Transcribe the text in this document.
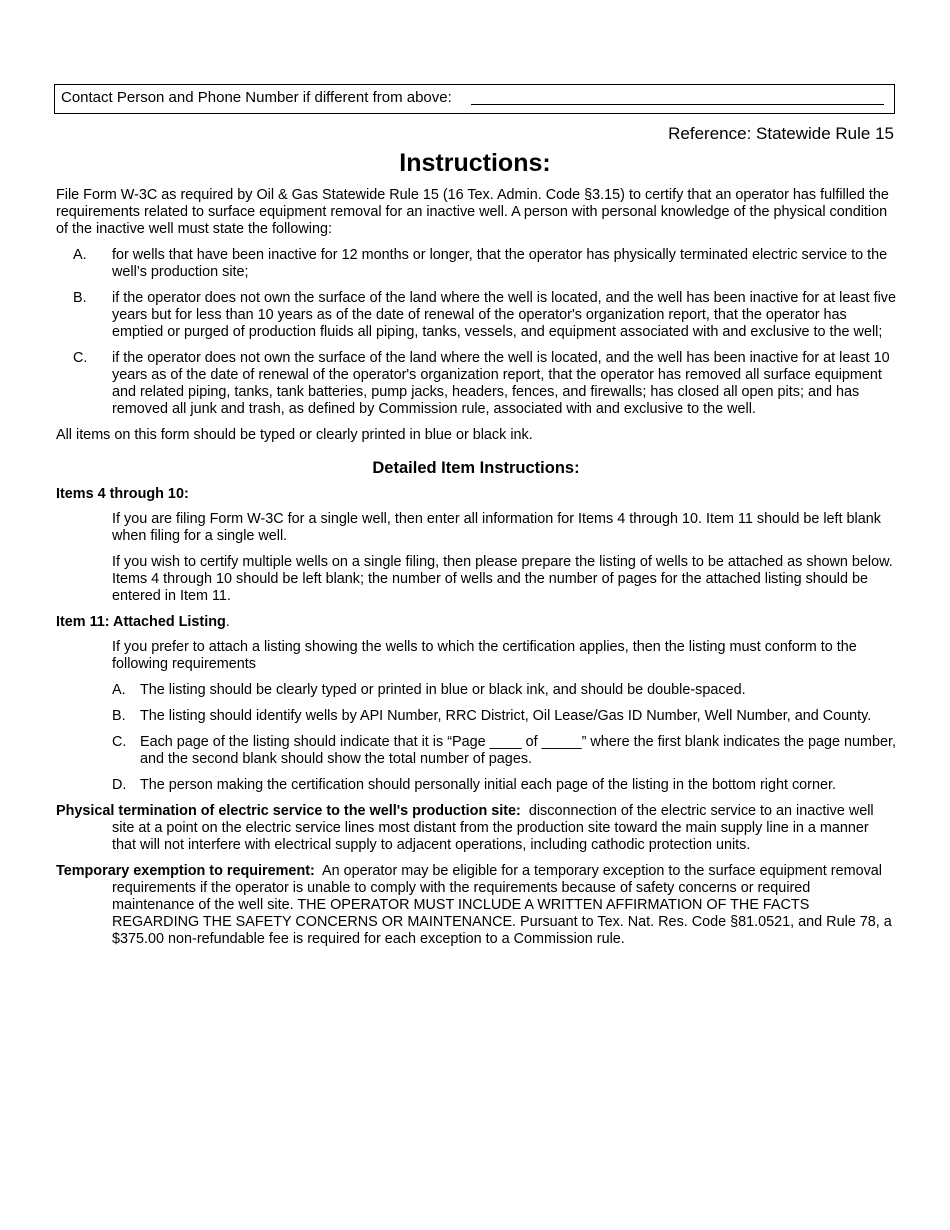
Contact Person and Phone Number if different from above:
Reference: Statewide Rule 15
Instructions:

File Form W-3C as required by Oil & Gas Statewide Rule 15 (16 Tex. Admin. Code §3.15) to certify that an operator has fulfilled the requirements related to surface equipment removal for an inactive well. A person with personal knowledge of the physical condition of the inactive well must state the following:

A. for wells that have been inactive for 12 months or longer, that the operator has physically terminated electric service to the well’s production site;
B. if the operator does not own the surface of the land where the well is located, and the well has been inactive for at least five years but for less than 10 years as of the date of renewal of the operator's organization report, that the operator has emptied or purged of production fluids all piping, tanks, vessels, and equipment associated with and exclusive to the well;
C. if the operator does not own the surface of the land where the well is located, and the well has been inactive for at least 10 years as of the date of renewal of the operator's organization report, that the operator has removed all surface equipment and related piping, tanks, tank batteries, pump jacks, headers, fences, and firewalls; has closed all open pits; and has removed all junk and trash, as defined by Commission rule, associated with and exclusive to the well.

All items on this form should be typed or clearly printed in blue or black ink.

Detailed Item Instructions:
Items 4 through 10:

If you are filing Form W-3C for a single well, then enter all information for Items 4 through 10. Item 11 should be left blank when filing for a single well.

If you wish to certify multiple wells on a single filing, then please prepare the listing of wells to be attached as shown below. Items 4 through 10 should be left blank; the number of wells and the number of pages for the attached listing should be entered in Item 11.

Item 11: Attached Listing.

If you prefer to attach a listing showing the wells to which the certification applies, then the listing must conform to the following requirements

A. The listing should be clearly typed or printed in blue or black ink, and should be double-spaced.
B. The listing should identify wells by API Number, RRC District, Oil Lease/Gas ID Number, Well Number, and County.
C. Each page of the listing should indicate that it is “Page ____ of _____” where the first blank indicates the page number, and the second blank should show the total number of pages.
D. The person making the certification should personally initial each page of the listing in the bottom right corner.

Physical termination of electric service to the well's production site: disconnection of the electric service to an inactive well site at a point on the electric service lines most distant from the production site toward the main supply line in a manner that will not interfere with electrical supply to adjacent operations, including cathodic protection units.

Temporary exemption to requirement: An operator may be eligible for a temporary exception to the surface equipment removal requirements if the operator is unable to comply with the requirements because of safety concerns or required maintenance of the well site. THE OPERATOR MUST INCLUDE A WRITTEN AFFIRMATION OF THE FACTS REGARDING THE SAFETY CONCERNS OR MAINTENANCE. Pursuant to Tex. Nat. Res. Code §81.0521, and Rule 78, a $375.00 non-refundable fee is required for each exception to a Commission rule.
